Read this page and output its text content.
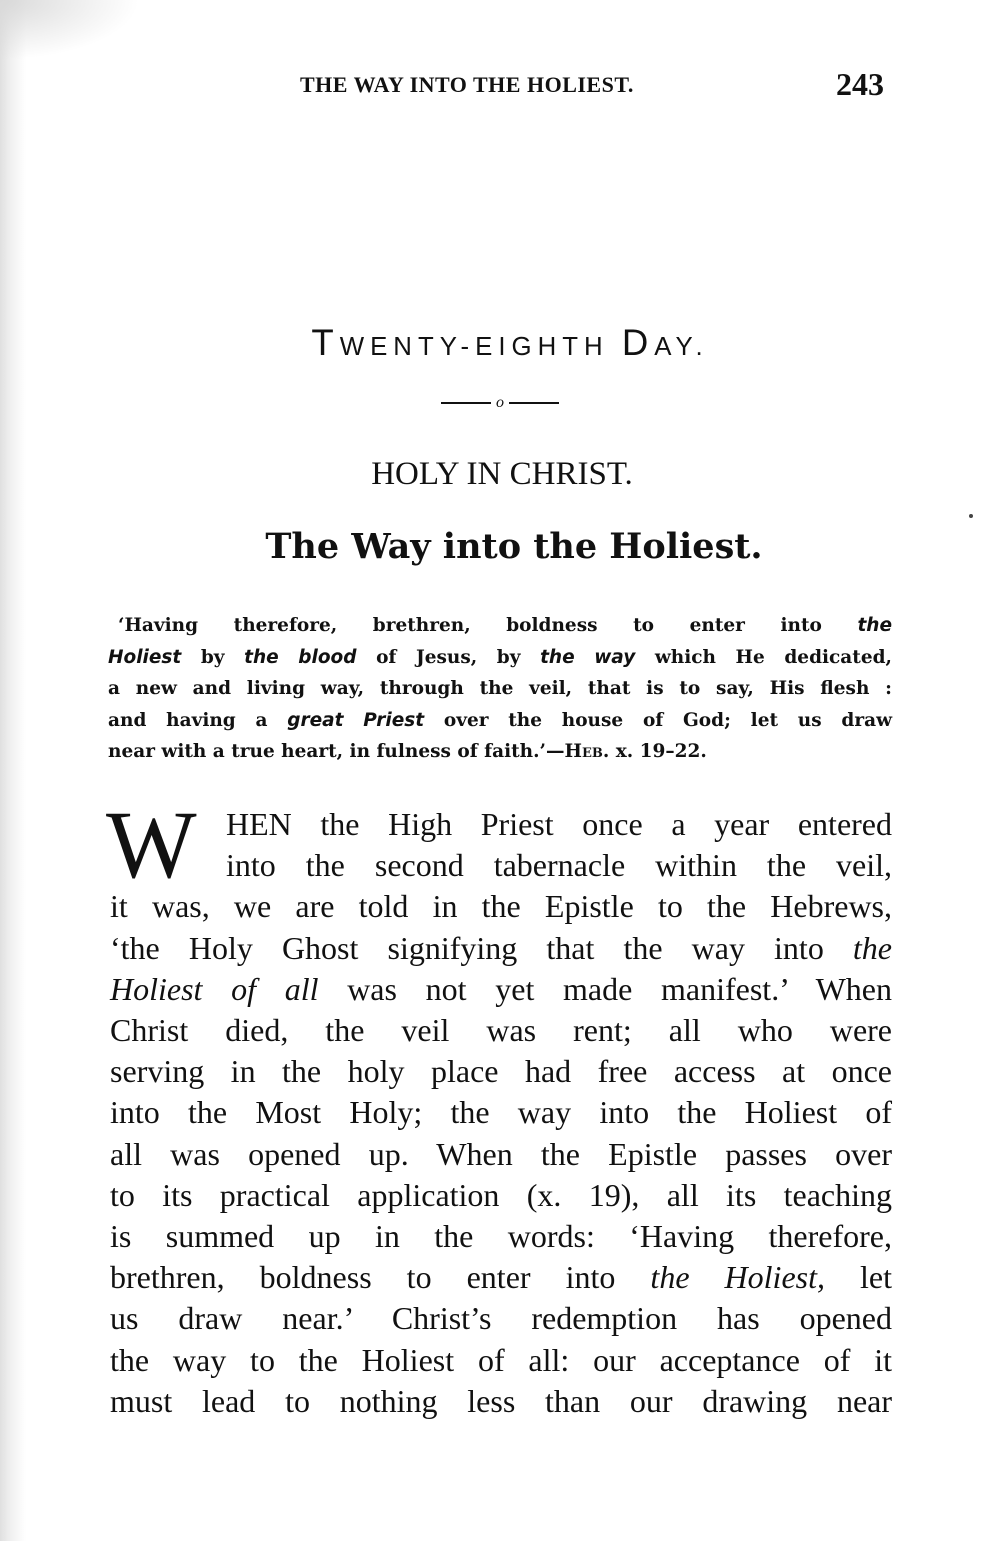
THE WAY INTO THE HOLIEST.	243
TWENTY-EIGHTH DAY.
o
HOLY IN CHRIST.
The Way into the Holiest.
‘Having therefore, brethren, boldness to enter into the
Holiest by the blood of Jesus, by the way which He dedicated,
a new and living way, through the veil, that is to say, His flesh :
and having a great Priest over the house of God; let us draw
near with a true heart, in fulness of faith.’—Heb. x. 19–22.
W HEN the High Priest once a year entered
into the second tabernacle within the veil,
it was, we are told in the Epistle to the Hebrews,
‘the Holy Ghost signifying that the way into the
Holiest of all was not yet made manifest.’ When
Christ died, the veil was rent; all who were
serving in the holy place had free access at once
into the Most Holy; the way into the Holiest of
all was opened up. When the Epistle passes over
to its practical application (x. 19), all its teaching
is summed up in the words: ‘Having therefore,
brethren, boldness to enter into the Holiest, let
us draw near.’ Christ’s redemption has opened
the way to the Holiest of all: our acceptance of it
must lead to nothing less than our drawing near
